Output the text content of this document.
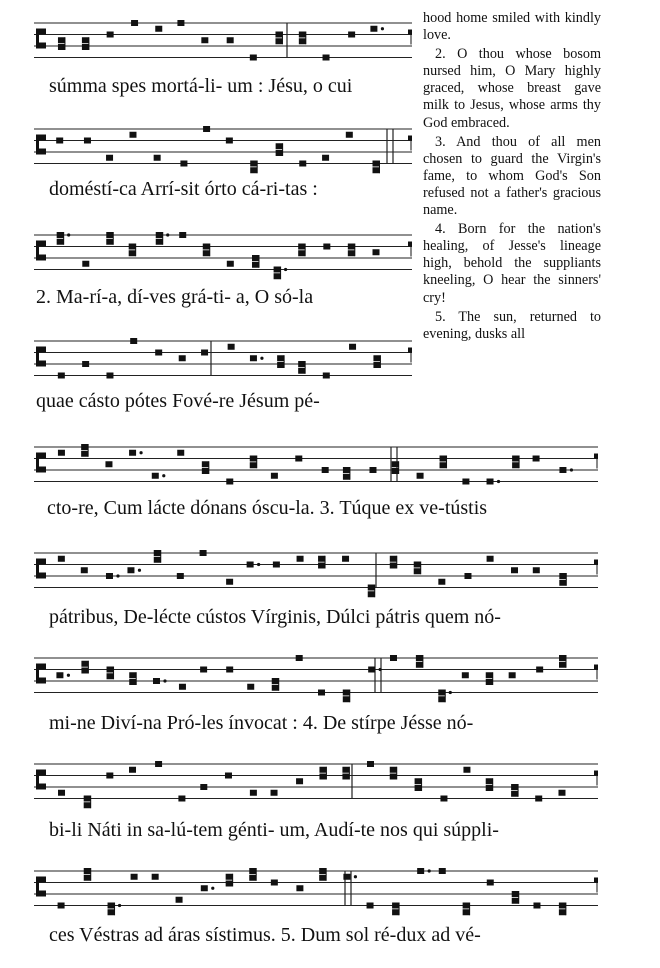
súmma spes mortá-li- um : Jésu, o cui

doméstí-ca Arrí-sit órto cá-ri-tas :

2. Ma-rí-a, dí-ves grá-ti- a, O só-la

quae cásto pótes Fové-re Jésum pé-

cto-re, Cum lácte dónans óscu-la. 3. Túque ex ve-tústis

pátribus, De-lécte cústos Vírginis, Dúlci pátris quem nó-

mi-ne Diví-na Pró-les ínvocat : 4. De stírpe Jésse nó-

bi-li Náti in sa-lú-tem génti- um, Audí-te nos qui súppli-

ces Véstras ad áras sístimus. 5. Dum sol ré-dux ad vé-

hood home smiled with kindly love.

2. O thou whose bosom nursed him, O Mary highly graced, whose breast gave milk to Jesus, whose arms thy God embraced.

3. And thou of all men chosen to guard the Virgin's fame, to whom God's Son refused not a father's gracious name.

4. Born for the nation's healing, of Jesse's lineage high, behold the suppliants kneeling, O hear the sinners' cry!

5. The sun, returned to evening, dusks all
